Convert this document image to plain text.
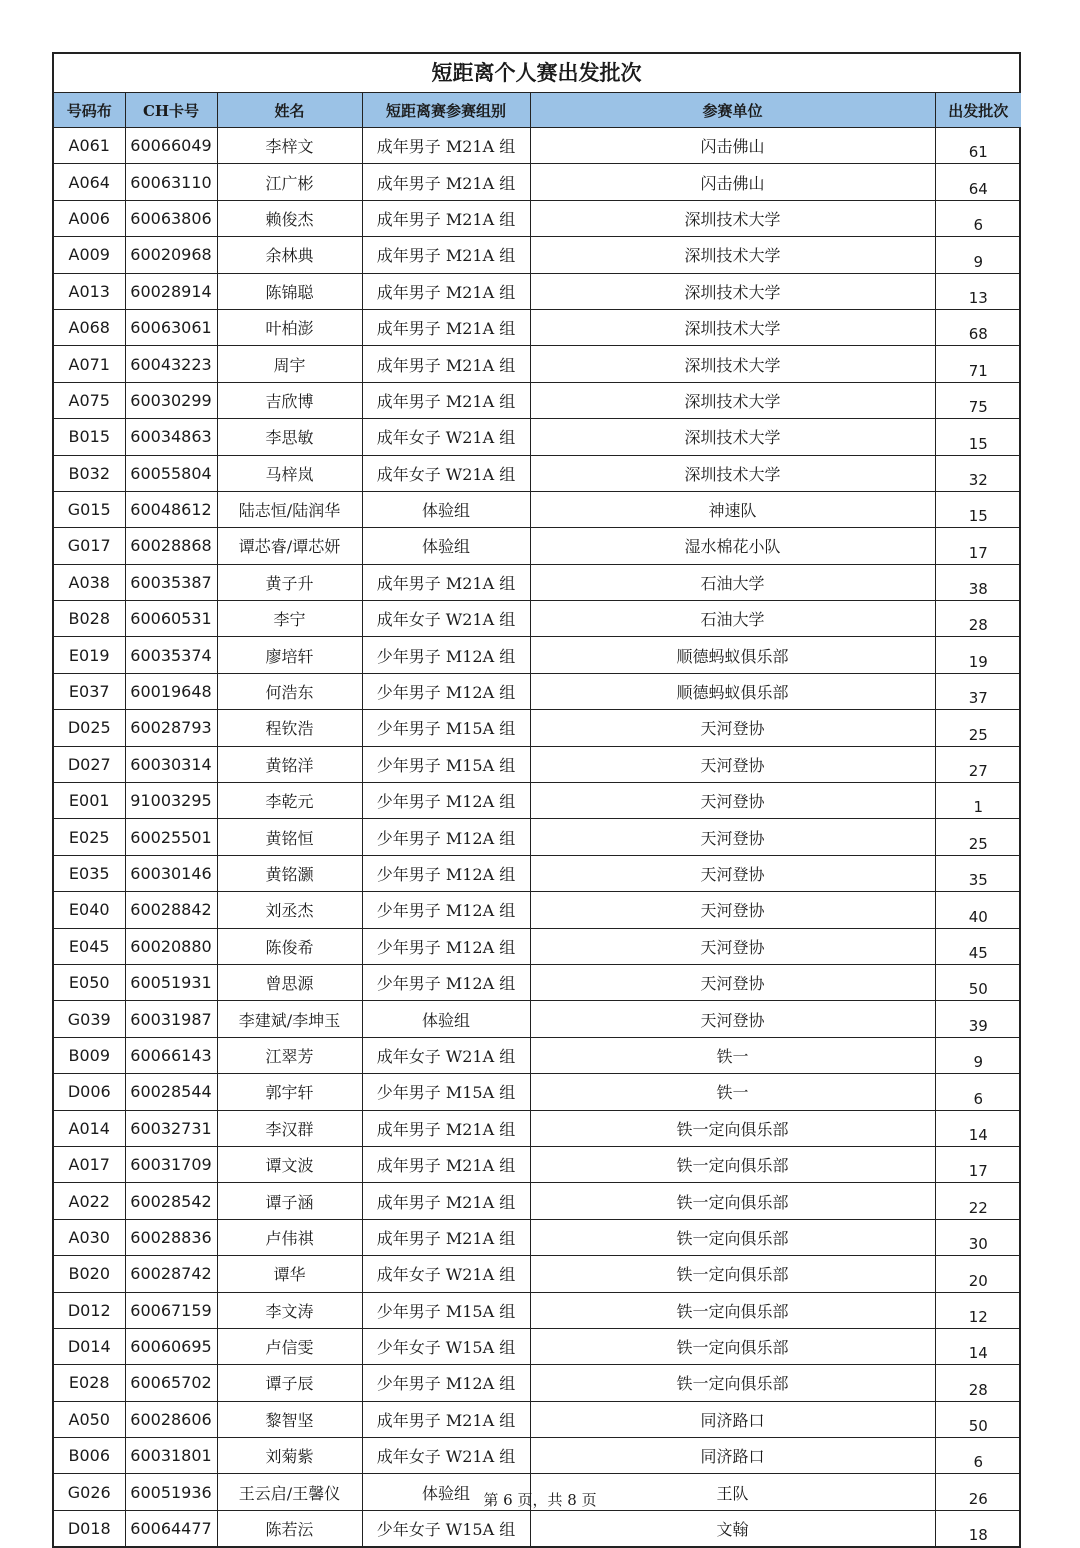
短距离个人赛出发批次
号码布	CH卡号	姓名	短距离赛参赛组别	参赛单位	出发批次
A061	60066049	李梓文	成年男子 M21A 组	闪击佛山	61
A064	60063110	江广彬	成年男子 M21A 组	闪击佛山	64
A006	60063806	赖俊杰	成年男子 M21A 组	深圳技术大学	6
A009	60020968	余林典	成年男子 M21A 组	深圳技术大学	9
A013	60028914	陈锦聪	成年男子 M21A 组	深圳技术大学	13
A068	60063061	叶柏澎	成年男子 M21A 组	深圳技术大学	68
A071	60043223	周宇	成年男子 M21A 组	深圳技术大学	71
A075	60030299	吉欣博	成年男子 M21A 组	深圳技术大学	75
B015	60034863	李思敏	成年女子 W21A 组	深圳技术大学	15
B032	60055804	马梓岚	成年女子 W21A 组	深圳技术大学	32
G015	60048612	陆志恒/陆润华	体验组	神速队	15
G017	60028868	谭芯睿/谭芯妍	体验组	湿水棉花小队	17
A038	60035387	黄子升	成年男子 M21A 组	石油大学	38
B028	60060531	李宁	成年女子 W21A 组	石油大学	28
E019	60035374	廖培轩	少年男子 M12A 组	顺德蚂蚁俱乐部	19
E037	60019648	何浩东	少年男子 M12A 组	顺德蚂蚁俱乐部	37
D025	60028793	程钦浩	少年男子 M15A 组	天河登协	25
D027	60030314	黄铭洋	少年男子 M15A 组	天河登协	27
E001	91003295	李乾元	少年男子 M12A 组	天河登协	1
E025	60025501	黄铭恒	少年男子 M12A 组	天河登协	25
E035	60030146	黄铭灏	少年男子 M12A 组	天河登协	35
E040	60028842	刘丞杰	少年男子 M12A 组	天河登协	40
E045	60020880	陈俊希	少年男子 M12A 组	天河登协	45
E050	60051931	曾思源	少年男子 M12A 组	天河登协	50
G039	60031987	李建斌/李坤玉	体验组	天河登协	39
B009	60066143	江翠芳	成年女子 W21A 组	铁一	9
D006	60028544	郭宇轩	少年男子 M15A 组	铁一	6
A014	60032731	李汉群	成年男子 M21A 组	铁一定向俱乐部	14
A017	60031709	谭文波	成年男子 M21A 组	铁一定向俱乐部	17
A022	60028542	谭子涵	成年男子 M21A 组	铁一定向俱乐部	22
A030	60028836	卢伟祺	成年男子 M21A 组	铁一定向俱乐部	30
B020	60028742	谭华	成年女子 W21A 组	铁一定向俱乐部	20
D012	60067159	李文涛	少年男子 M15A 组	铁一定向俱乐部	12
D014	60060695	卢信雯	少年女子 W15A 组	铁一定向俱乐部	14
E028	60065702	谭子辰	少年男子 M12A 组	铁一定向俱乐部	28
A050	60028606	黎智坚	成年男子 M21A 组	同济路口	50
B006	60031801	刘菊紫	成年女子 W21A 组	同济路口	6
G026	60051936	王云启/王馨仪	体验组	王队	26
D018	60064477	陈若沄	少年女子 W15A 组	文翰	18
第 6 页，共 8 页
